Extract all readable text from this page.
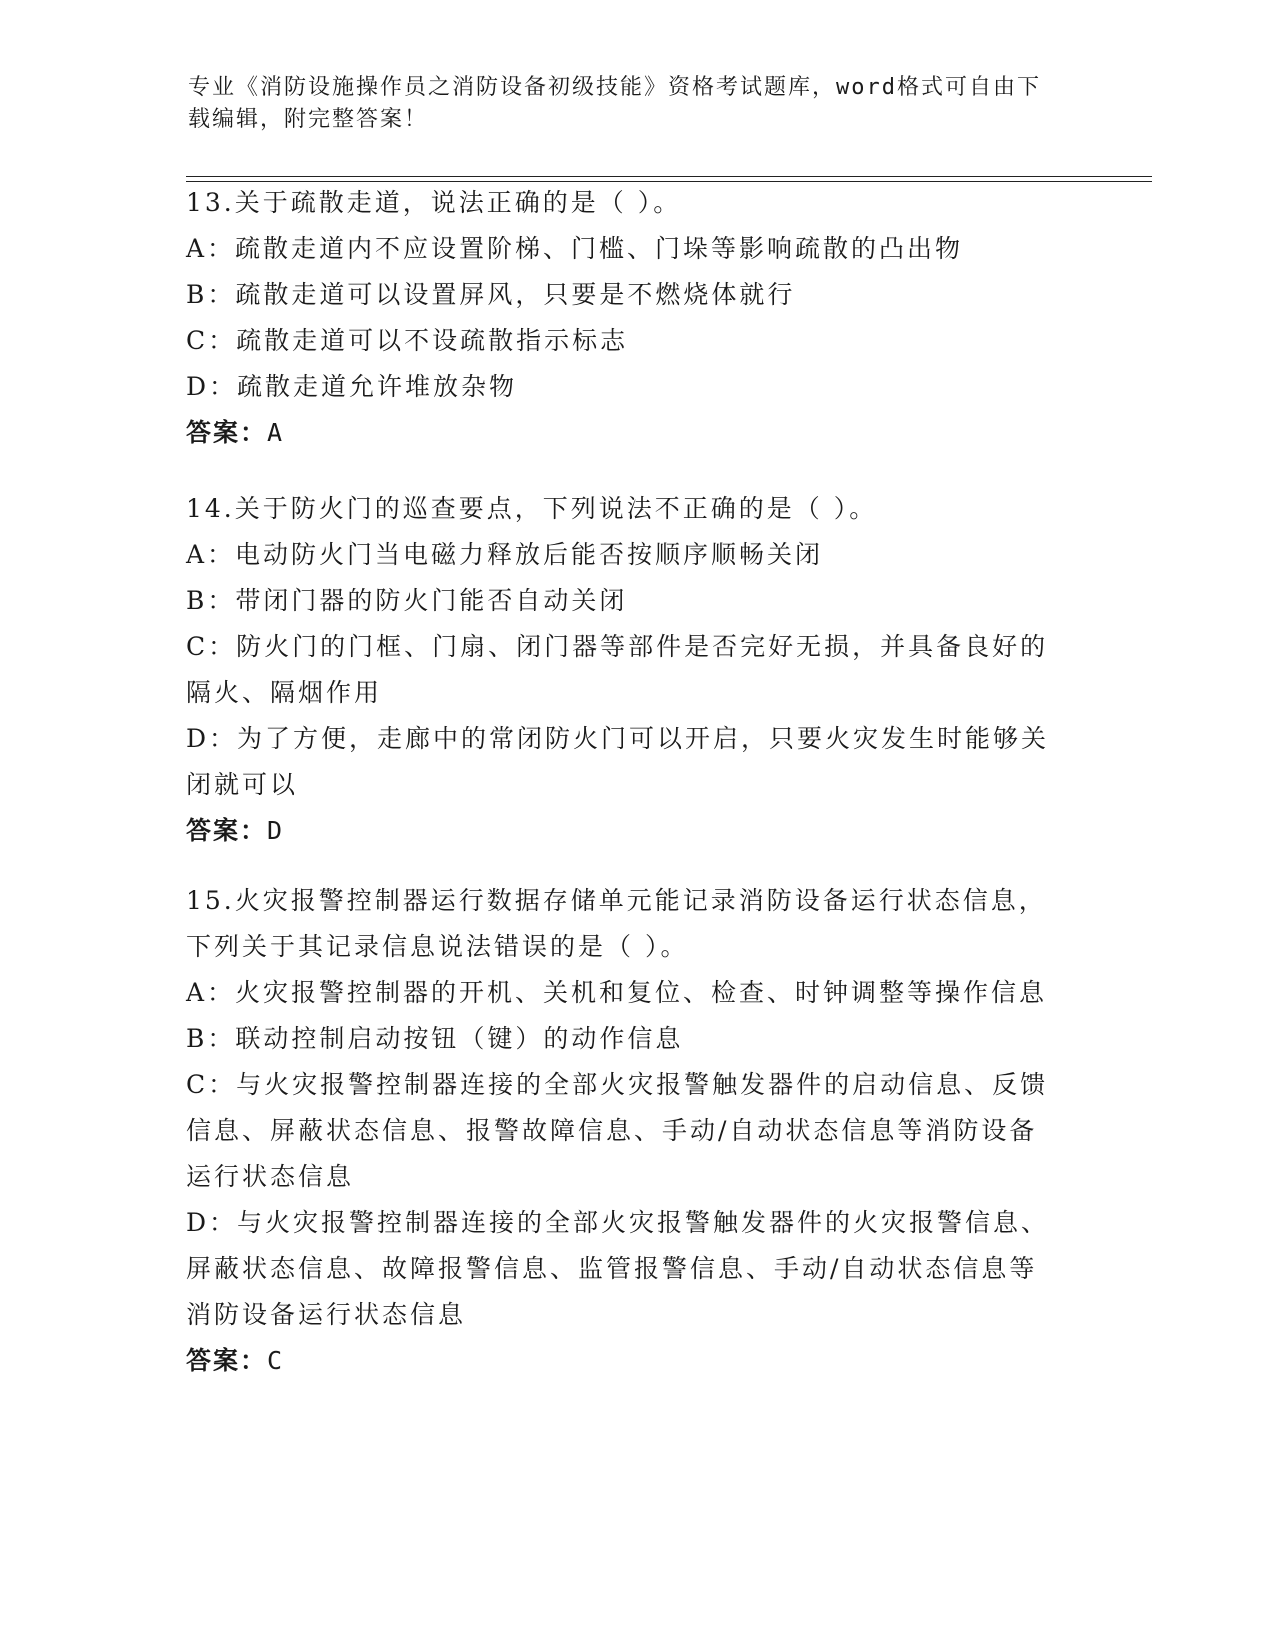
专业《消防设施操作员之消防设备初级技能》资格考试题库，word格式可自由下
载编辑，附完整答案！

13.关于疏散走道，说法正确的是（ ）。

A：疏散走道内不应设置阶梯、门槛、门垛等影响疏散的凸出物

B：疏散走道可以设置屏风，只要是不燃烧体就行

C：疏散走道可以不设疏散指示标志

D：疏散走道允许堆放杂物

答案：A

14.关于防火门的巡查要点，下列说法不正确的是（ ）。

A：电动防火门当电磁力释放后能否按顺序顺畅关闭

B：带闭门器的防火门能否自动关闭

C：防火门的门框、门扇、闭门器等部件是否完好无损，并具备良好的
隔火、隔烟作用

D：为了方便，走廊中的常闭防火门可以开启，只要火灾发生时能够关
闭就可以

答案：D

15.火灾报警控制器运行数据存储单元能记录消防设备运行状态信息，
下列关于其记录信息说法错误的是（ ）。

A：火灾报警控制器的开机、关机和复位、检查、时钟调整等操作信息

B：联动控制启动按钮（键）的动作信息

C：与火灾报警控制器连接的全部火灾报警触发器件的启动信息、反馈
信息、屏蔽状态信息、报警故障信息、手动/自动状态信息等消防设备
运行状态信息

D：与火灾报警控制器连接的全部火灾报警触发器件的火灾报警信息、
屏蔽状态信息、故障报警信息、监管报警信息、手动/自动状态信息等
消防设备运行状态信息

答案：C
